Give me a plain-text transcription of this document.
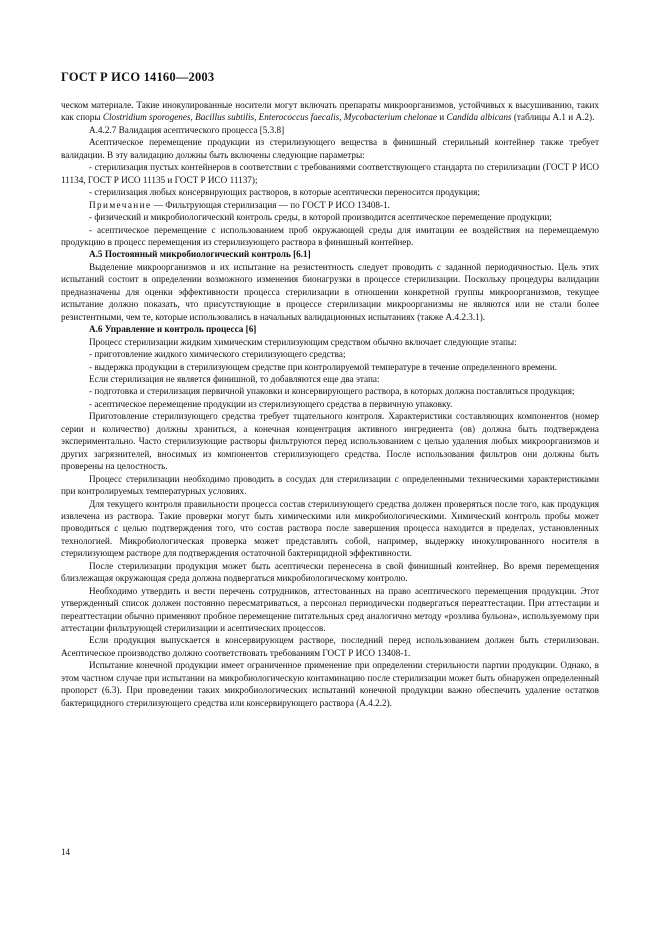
ГОСТ Р ИСО 14160—2003

ческом материале. Такие инокулированные носители могут включать препараты микроорганизмов, устойчивых к высушиванию, таких как споры Clostridium sporogenes, Bacillus subtilis, Enterococcus faecalis, Mycobacterium chelonae и Candida albicans (таблицы А.1 и А.2).

А.4.2.7 Валидация асептического процесса [5.3.8]

Асептическое перемещение продукции из стерилизующего вещества в финишный стерильный контейнер также требует валидации. В эту валидацию должны быть включены следующие параметры:

- стерилизация пустых контейнеров в соответствии с требованиями соответствующего стандарта по стерилизации (ГОСТ Р ИСО 11134, ГОСТ Р ИСО 11135 и ГОСТ Р ИСО 11137);

- стерилизация любых консервирующих растворов, в которые асептически переносится продукция;

Примечание — Фильтрующая стерилизация — по ГОСТ Р ИСО 13408-1.

- физический и микробиологический контроль среды, в которой производится асептическое перемещение продукции;

- асептическое перемещение с использованием проб окружающей среды для имитации ее воздействия на перемещаемую продукцию в процесс перемещения из стерилизующего раствора в финишный контейнер.

А.5 Постоянный микробиологический контроль [6.1]

Выделение микроорганизмов и их испытание на резистентность следует проводить с заданной периодичностью. Цель этих испытаний состоит в определении возможного изменения бионагрузки в процессе стерилизации. Поскольку процедуры валидации предназначены для оценки эффективности процесса стерилизации в отношении конкретной группы микроорганизмов, текущее испытание должно показать, что присутствующие в процессе стерилизации микроорганизмы не являются или не стали более резистентными, чем те, которые использовались в начальных валидационных испытаниях (также А.4.2.3.1).

А.6 Управление и контроль процесса [6]

Процесс стерилизации жидким химическим стерилизующим средством обычно включает следующие этапы:

- приготовление жидкого химического стерилизующего средства;

- выдержка продукции в стерилизующем средстве при контролируемой температуре в течение определенного времени.

Если стерилизация не является финишной, то добавляются еще два этапа:

- подготовка и стерилизация первичной упаковки и консервирующего раствора, в которых должна поставляться продукция;

- асептическое перемещение продукции из стерилизующего средства в первичную упаковку.

Приготовление стерилизующего средства требует тщательного контроля. Характеристики составляющих компонентов (номер серии и количество) должны храниться, а конечная концентрация активного ингредиента (ов) должна быть подтверждена экспериментально. Часто стерилизующие растворы фильтруются перед использованием с целью удаления любых микроорганизмов и других загрязнителей, вносимых из компонентов стерилизующего средства. После использования фильтров они должны быть проверены на целостность.

Процесс стерилизации необходимо проводить в сосудах для стерилизации с определенными техническими характеристиками при контролируемых температурных условиях.

Для текущего контроля правильности процесса состав стерилизующего средства должен проверяться после того, как продукция извлечена из раствора. Такие проверки могут быть химическими или микробиологическими. Химический контроль пробы может проводиться с целью подтверждения того, что состав раствора после завершения процесса находится в пределах, установленных технологией. Микробиологическая проверка может представлять собой, например, выдержку инокулированного носителя в стерилизующем растворе для подтверждения остаточной бактерицидной эффективности.

После стерилизации продукция может быть асептически перенесена в свой финишный контейнер. Во время перемещения близлежащая окружающая среда должна подвергаться микробиологическому контролю.

Необходимо утвердить и вести перечень сотрудников, аттестованных на право асептического перемещения продукции. Этот утвержденный список должен постоянно пересматриваться, а персонал периодически подвергаться переаттестации. При аттестации и переаттестации обычно применяют пробное перемещение питательных сред аналогично методу «розлива бульона», используемому при аттестации фильтрующей стерилизации и асептических процессов.

Если продукция выпускается в консервирующем растворе, последний перед использованием должен быть стерилизован. Асептическое производство должно соответствовать требованиям ГОСТ Р ИСО 13408-1.

Испытание конечной продукции имеет ограниченное применение при определении стерильности партии продукции. Однако, в этом частном случае при испытании на микробиологическую контаминацию после стерилизации может быть обнаружен определенный пропорст (6.3). При проведении таких микробиологических испытаний конечной продукции важно обеспечить удаление остатков бактерицидного стерилизующего средства или консервирующего раствора (А.4.2.2).

14
